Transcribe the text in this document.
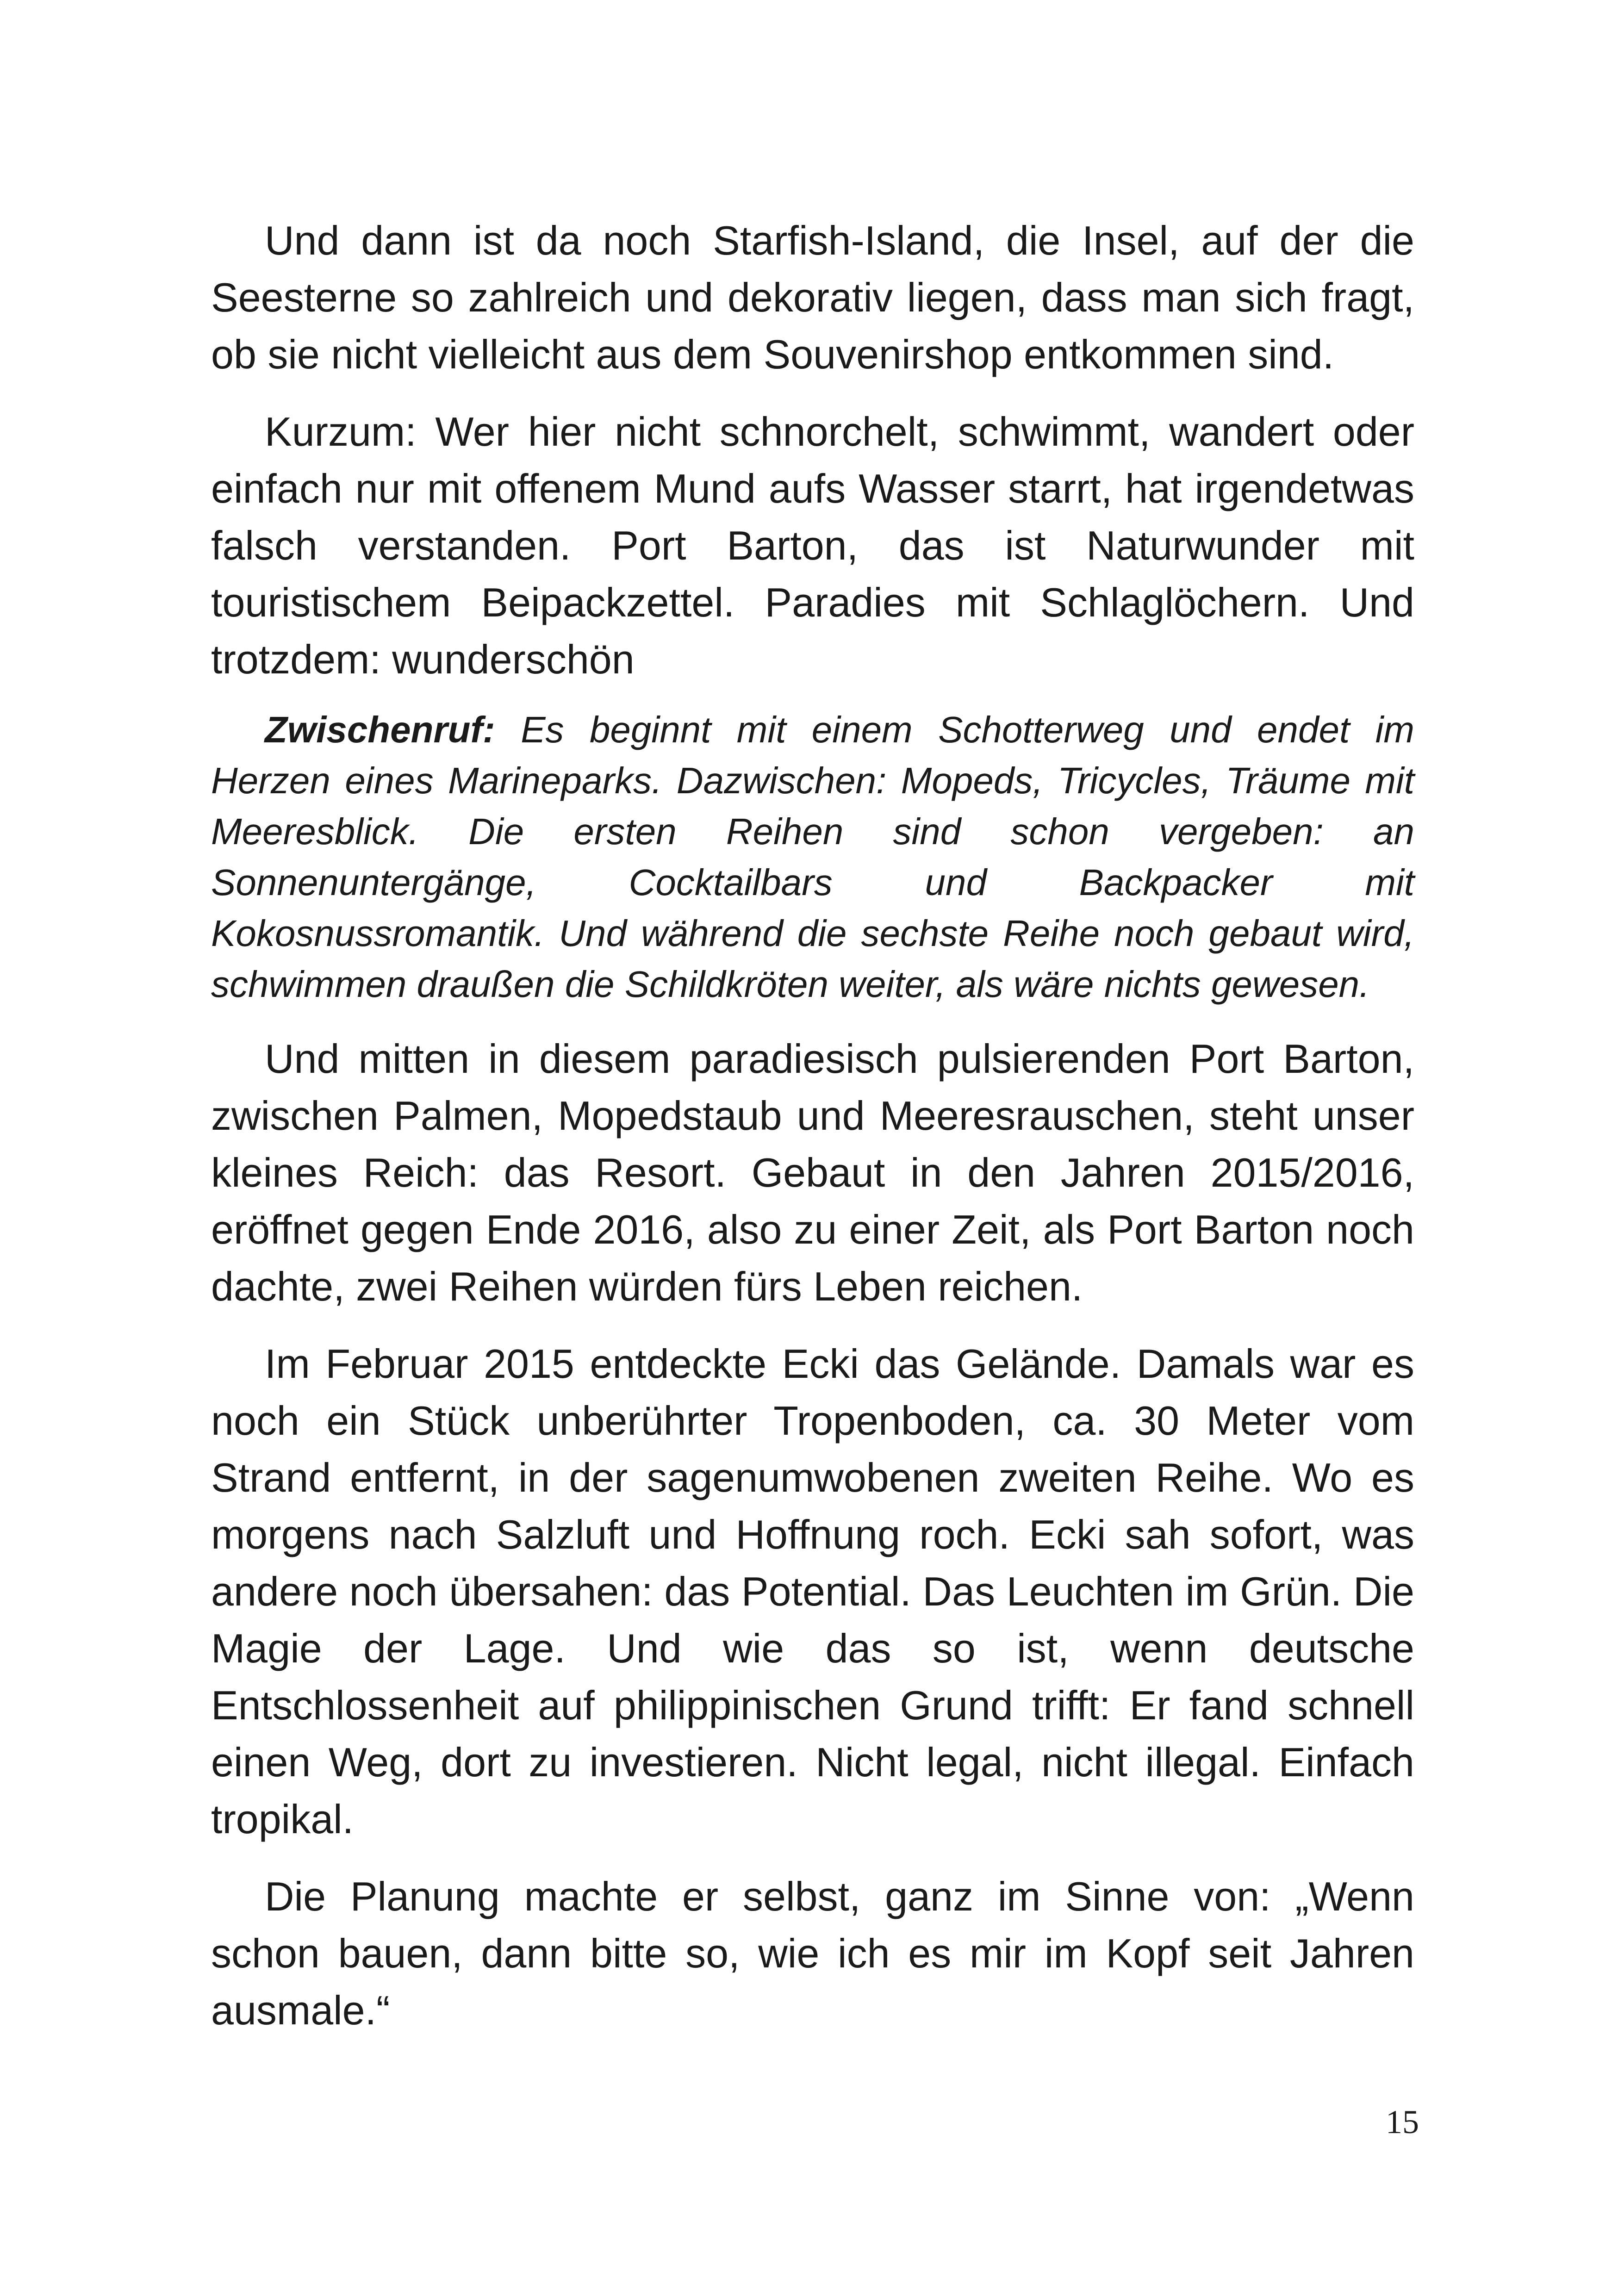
Und dann ist da noch Starfish-Island, die Insel, auf der die Seesterne so zahlreich und dekorativ liegen, dass man sich fragt, ob sie nicht vielleicht aus dem Souvenirshop entkommen sind.

Kurzum: Wer hier nicht schnorchelt, schwimmt, wandert oder einfach nur mit offenem Mund aufs Wasser starrt, hat irgendetwas falsch verstanden. Port Barton, das ist Naturwunder mit touristischem Beipackzettel. Paradies mit Schlaglöchern. Und trotzdem: wunderschön

Zwischenruf: Es beginnt mit einem Schotterweg und endet im Herzen eines Marineparks. Dazwischen: Mopeds, Tricycles, Träume mit Meeresblick. Die ersten Reihen sind schon vergeben: an Sonnenuntergänge, Cocktailbars und Backpacker mit Kokosnussromantik. Und während die sechste Reihe noch gebaut wird, schwimmen draußen die Schildkröten weiter, als wäre nichts gewesen.

Und mitten in diesem paradiesisch pulsierenden Port Barton, zwischen Palmen, Mopedstaub und Meeresrauschen, steht unser kleines Reich: das Resort. Gebaut in den Jahren 2015/2016, eröffnet gegen Ende 2016, also zu einer Zeit, als Port Barton noch dachte, zwei Reihen würden fürs Leben reichen.

Im Februar 2015 entdeckte Ecki das Gelände. Damals war es noch ein Stück unberührter Tropenboden, ca. 30 Meter vom Strand entfernt, in der sagenumwobenen zweiten Reihe. Wo es morgens nach Salzluft und Hoffnung roch. Ecki sah sofort, was andere noch übersahen: das Potential. Das Leuchten im Grün. Die Magie der Lage. Und wie das so ist, wenn deutsche Entschlossenheit auf philippinischen Grund trifft: Er fand schnell einen Weg, dort zu investieren. Nicht legal, nicht illegal. Einfach tropikal.

Die Planung machte er selbst, ganz im Sinne von: „Wenn schon bauen, dann bitte so, wie ich es mir im Kopf seit Jahren ausmale.“

15
